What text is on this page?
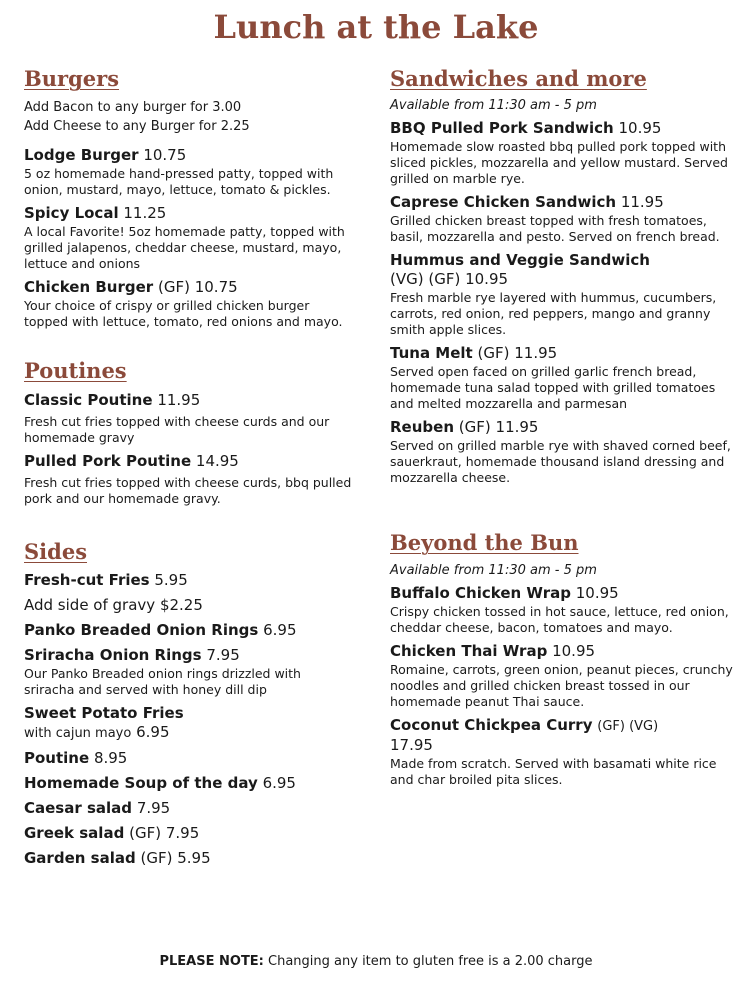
Lunch at the Lake
Burgers
Add Bacon to any burger for 3.00
Add Cheese to any Burger for 2.25
Lodge Burger 10.75
5 oz homemade hand-pressed patty, topped with onion, mustard, mayo, lettuce, tomato & pickles.
Spicy Local 11.25
A local Favorite! 5oz homemade patty, topped with grilled jalapenos, cheddar cheese, mustard, mayo, lettuce and onions
Chicken Burger (GF) 10.75
Your choice of crispy or grilled chicken burger topped with lettuce, tomato, red onions and mayo.
Poutines
Classic Poutine 11.95
Fresh cut fries topped with cheese curds and our homemade gravy
Pulled Pork Poutine 14.95
Fresh cut fries topped with cheese curds, bbq pulled pork and our homemade gravy.
Sides
Fresh-cut Fries 5.95
Add side of gravy $2.25
Panko Breaded Onion Rings 6.95
Sriracha Onion Rings 7.95
Our Panko Breaded onion rings drizzled with sriracha and served with honey dill dip
Sweet Potato Fries
with cajun mayo 6.95
Poutine 8.95
Homemade Soup of the day 6.95
Caesar salad 7.95
Greek salad (GF) 7.95
Garden salad (GF) 5.95
Sandwiches and more
Available from 11:30 am - 5 pm
BBQ Pulled Pork Sandwich 10.95
Homemade slow roasted bbq pulled pork topped with sliced pickles, mozzarella and yellow mustard. Served grilled on marble rye.
Caprese Chicken Sandwich 11.95
Grilled chicken breast topped with fresh tomatoes, basil, mozzarella and pesto. Served on french bread.
Hummus and Veggie Sandwich
(VG) (GF) 10.95
Fresh marble rye layered with hummus, cucumbers, carrots, red onion, red peppers, mango and granny smith apple slices.
Tuna Melt (GF) 11.95
Served open faced on grilled garlic french bread, homemade tuna salad topped with grilled tomatoes and melted mozzarella and parmesan
Reuben (GF) 11.95
Served on grilled marble rye with shaved corned beef, sauerkraut, homemade thousand island dressing and mozzarella cheese.
Beyond the Bun
Available from 11:30 am - 5 pm
Buffalo Chicken Wrap 10.95
Crispy chicken tossed in hot sauce, lettuce, red onion, cheddar cheese, bacon, tomatoes and mayo.
Chicken Thai Wrap 10.95
Romaine, carrots, green onion, peanut pieces, crunchy noodles and grilled chicken breast tossed in our homemade peanut Thai sauce.
Coconut Chickpea Curry (GF) (VG)
17.95
Made from scratch. Served with basamati white rice and char broiled pita slices.
PLEASE NOTE: Changing any item to gluten free is a 2.00 charge
